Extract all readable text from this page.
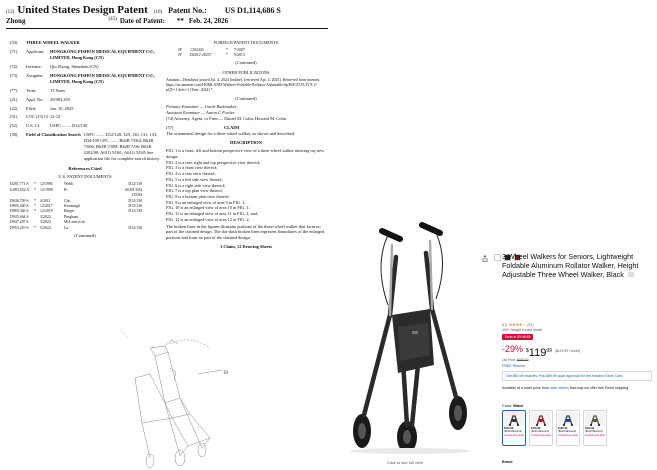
(12) United States Design Patent (10) Patent No.: US D1,114,686 S
Zhong	(45) Date of Patent: ** Feb. 24, 2026
(54)	THREE-WHEEL WALKER
(71)	Applicant:	HONGKONG PISHON MEDICAL EQUIPMENT CO., LIMITED, Hong Kong (CN)
(72)	Inventor:	Qiu Zhong, Shenzhen (CN)
(73)	Assignee:	HONGKONG PISHON MEDICAL EQUIPMENT CO., LIMITED, Hong Kong (CN)
(**)	Term:	15 Years
(21)	Appl. No.:	29/983,359
(22)	Filed:	Jan. 10, 2025
(51)	LOC (15) Cl. 12-12
(52)	U.S. Cl.	USPC ........ D12/130
(58)	Field of Classification Search USPC ........ D12/128, 129, 130, 131, 133; D34/109 CPC ........ B62B 7/064; B62B 7/006; B62B 7/008; B62B 7/06; B62K 2202/00; A61G 5/061; A61G 5/045 See application file for complete search history.
References Cited
U.S. PATENT DOCUMENTS
D281,771 S	*	12/1985	Webb	D12/130
6,883,532 A	*	12/1999	Pc	A61H 3/04
135/84
D636,709 S	*	4/2011	Cho	D12/130
D805,440 S	*	12/2017	Kavanagh	D12/130
D869,346 S	*	12/2019	Berger	D12/130
D945,464 S	3/2022	Pingham
D947,287 S	3/2022	McLean et al.
D953,210 S	*	5/2022	Lu	D12/130
(Continued)
FOREIGN PATENT DOCUMENTS
JP	1292443	*	7/2007
JP	D2012-28257	*	9/2013
(Continued)
OTHER PUBLICATIONS

Amazon—Homland, posted Jul. 4, 2024 [online], [retrieved Apr. 4, 2025]. Retrieved from internet, https://us.amazon.com/HOMLAND-Walkers-Foldable-Rollator-Adjustable/dp/B0CZ5VLJVX (?pQT=1 defc=1 (Year: 2024) *

(Continued)
Primary Examiner — Garth Rademaker
Assistant Examiner — Aaron C Fowler
(74) Attorney, Agent, or Firm — Daniel M. Cohn; Howard M. Cohn
(57)	CLAIM

The ornamental design for a three-wheel walker, as shown and described.

DESCRIPTION
FIG. 1 is a front, left and bottom perspective view of a three-wheel walker showing my new design;
FIG. 2 is a rear, right and top perspective view thereof;
FIG. 3 is a front view thereof;
FIG. 4 is a rear view thereof;
FIG. 5 is a left side view thereof;
FIG. 6 is a right side view thereof;
FIG. 7 is a top plan view thereof;
FIG. 8 is a bottom plan view thereof;
FIG. 9 is an enlarged view of area 9 in FIG. 1;
FIG. 10 is an enlarged view of area 10 in FIG. 1;
FIG. 11 is an enlarged view of area 11 in FIG. 2; and,
FIG. 12 is an enlarged view of area 12 in FIG. 2.

The broken lines in the figures illustrate portions of the three-wheel walker that form no part of the claimed design. The dot-dash broken lines represent boundaries of the enlarged portions and form no part of the claimed design.

1 Claim, 12 Drawing Sheets
10
Click to see full view
3 Wheel Walkers for Seniors, Lightweight Foldable Aluminum Rollator Walker, Height Adjustable Three Wheel Walker, Black
4.4 ★★★★☆ (91)
400+ bought in past month
Ends in 09:58:55
-29% $ 119 99 ($119.99 / count)
List Price: $169.00
FREE Returns
Get $60 off instantly: Pay $59.99 upon approval for the Amazon Store Card.
Available at a lower price from other sellers that may not offer free Prime shipping.
Color: Black
$119.99
($119.99/count)
Limited time deal
$120.99
($120.99/count)
Limited time deal
$120.99
($120.99/count)
Limited time deal
$119.99
($119.99/count)
Limited time deal
Brand
